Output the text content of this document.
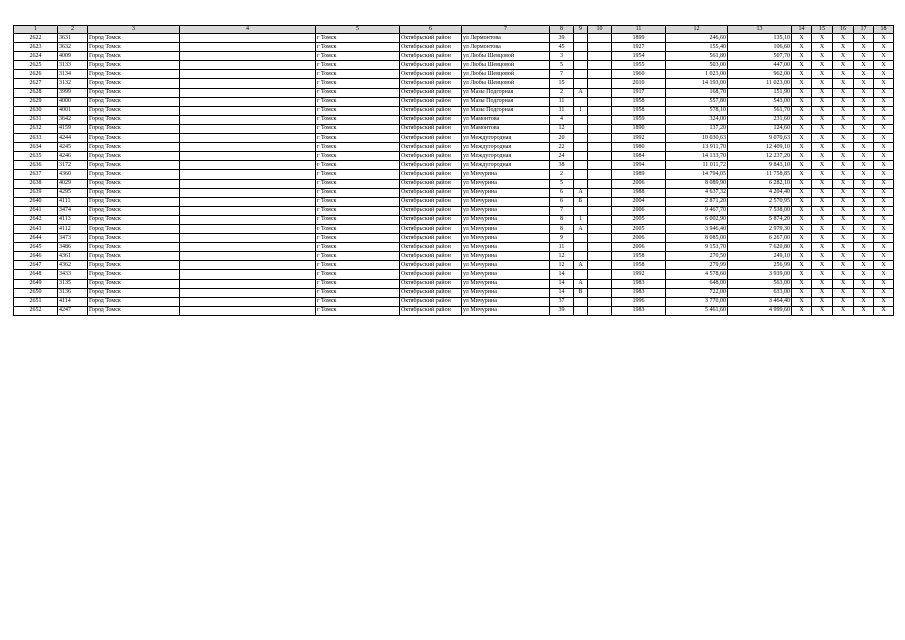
1	2	3	4	5	6	7	8	9	10	11	12	13	14	15	16	17	18
2622	3631	Город Томск		г Томск	Октябрьский район	ул Лермонтова	39			1899	246,60	135,10	X	X	X	X	X
2623	3632	Город Томск		г Томск	Октябрьский район	ул Лермонтова	45			1927	155,40	106,60	X	X	X	X	X
2624	4009	Город Томск		г Томск	Октябрьский район	ул Любы Шевцовой	3			1954	561,80	507,70	X	X	X	X	X
2625	3133	Город Томск		г Томск	Октябрьский район	ул Любы Шевцовой	5			1955	503,00	447,00	X	X	X	X	X
2626	3134	Город Томск		г Томск	Октябрьский район	ул Любы Шевцовой	7			1960	1 023,00	962,00	X	X	X	X	X
2627	3132	Город Томск		г Томск	Октябрьский район	ул Любы Шевцовой	15			2010	14 193,00	11 023,00	X	X	X	X	X
2628	3999	Город Томск		г Томск	Октябрьский район	ул Мазы Подгорная	2	А		1917	168,70	151,90	X	X	X	X	X
2629	4000	Город Томск		г Томск	Октябрьский район	ул Мазы Подгорная	11			1958	557,80	543,00	X	X	X	X	X
2630	4001	Город Томск		г Томск	Октябрьский район	ул Мазы Подгорная	11	1		1958	578,10	561,70	X	X	X	X	X
2631	3642	Город Томск		г Томск	Октябрьский район	ул Мамонтова	4			1959	324,00	231,60	X	X	X	X	X
2632	4159	Город Томск		г Томск	Октябрьский район	ул Мамонтова	12			1890	137,20	124,60	X	X	X	X	X
2633	4244	Город Томск		г Томск	Октябрьский район	ул Междугородная	20			1992	10 030,63	9 070,63	X	X	X	X	X
2634	4245	Город Томск		г Томск	Октябрьский район	ул Междугородная	22			1980	13 911,70	12 409,10	X	X	X	X	X
2635	4246	Город Томск		г Томск	Октябрьский район	ул Междугородная	24			1984	14 133,70	12 237,20	X	X	X	X	X
2636	3172	Город Томск		г Томск	Октябрьский район	ул Междугородная	38			1994	11 011,72	9 843,10	X	X	X	X	X
2637	4360	Город Томск		г Томск	Октябрьский район	ул Мичурина	2			1989	14 794,05	11 758,85	X	X	X	X	X
2638	4029	Город Томск		г Томск	Октябрьский район	ул Мичурина	5			2006	8 089,90	6 282,10	X	X	X	X	X
2639	4295	Город Томск		г Томск	Октябрьский район	ул Мичурина	6	А		1988	4 637,32	4 204,40	X	X	X	X	X
2640	4111	Город Томск		г Томск	Октябрьский район	ул Мичурина	6	Б		2004	2 871,20	2 570,95	X	X	X	X	X
2641	3474	Город Томск		г Томск	Октябрьский район	ул Мичурина	7			2006	9 467,70	7 538,00	X	X	X	X	X
2642	4113	Город Томск		г Томск	Октябрьский район	ул Мичурина	8	1		2005	6 002,90	5 874,20	X	X	X	X	X
2643	4112	Город Томск		г Томск	Октябрьский район	ул Мичурина	8	А		2005	3 946,40	2 979,30	X	X	X	X	X
2644	3473	Город Томск		г Томск	Октябрьский район	ул Мичурина	9			2006	8 085,00	6 267,00	X	X	X	X	X
2645	3486	Город Томск		г Томск	Октябрьский район	ул Мичурина	11			2006	9 153,70	7 620,80	X	X	X	X	X
2646	4361	Город Томск		г Томск	Октябрьский район	ул Мичурина	12			1958	270,50	249,10	X	X	X	X	X
2647	4362	Город Томск		г Томск	Октябрьский район	ул Мичурина	12	А		1958	279,99	256,99	X	X	X	X	X
2648	3433	Город Томск		г Томск	Октябрьский район	ул Мичурина	14			1992	4 578,60	3 939,00	X	X	X	X	X
2649	3135	Город Томск		г Томск	Октябрьский район	ул Мичурина	14	А		1983	648,00	563,00	X	X	X	X	X
2650	3136	Город Томск		г Томск	Октябрьский район	ул Мичурина	14	В		1983	722,00	633,00	X	X	X	X	X
2651	4114	Город Томск		г Томск	Октябрьский район	ул Мичурина	37			1996	3 770,00	3 464,40	X	X	X	X	X
2652	4247	Город Томск		г Томск	Октябрьский район	ул Мичурина	39			1983	5 461,60	4 999,60	X	X	X	X	X
